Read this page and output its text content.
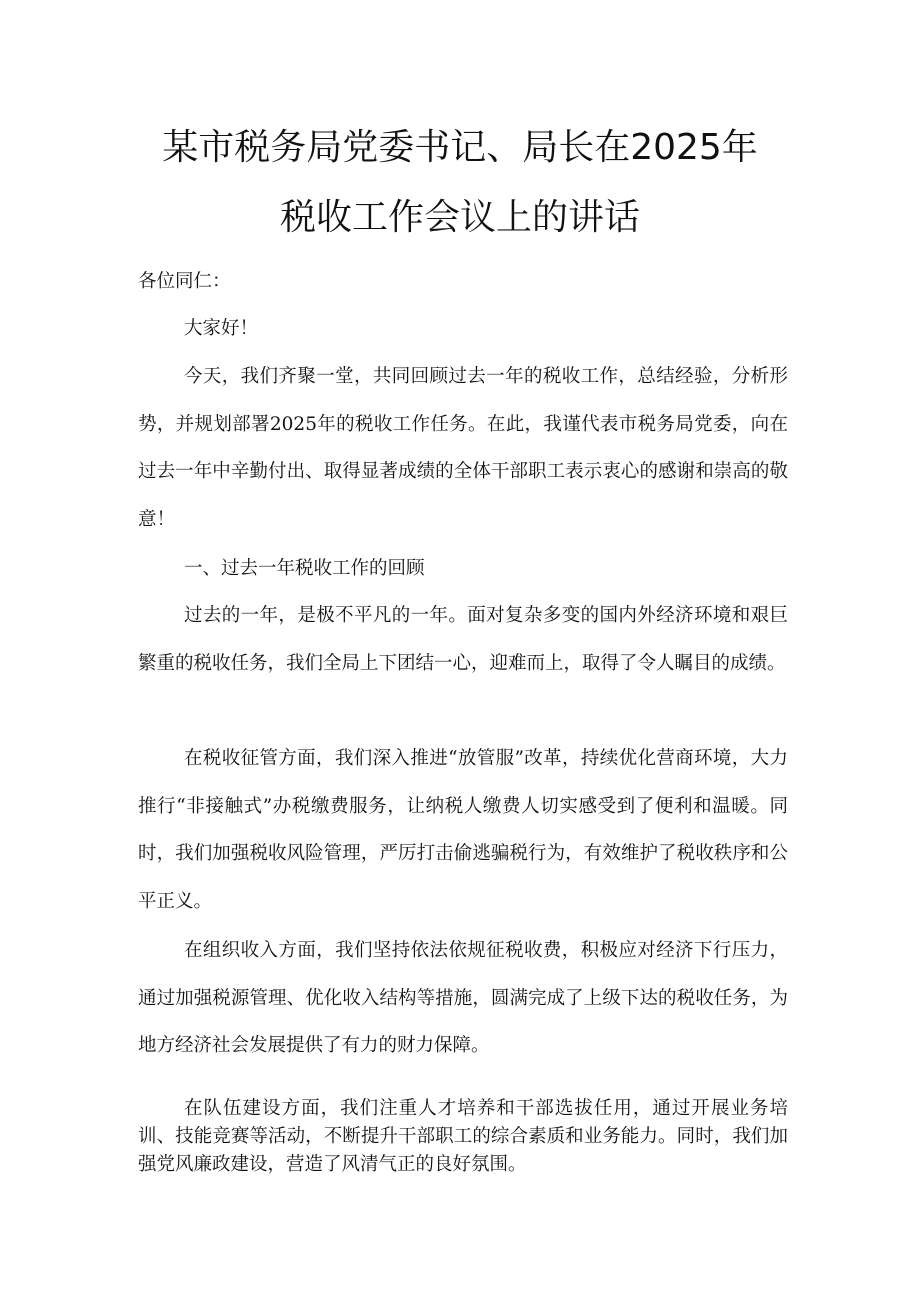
某市税务局党委书记、局长在2025年
税收工作会议上的讲话

各位同仁：

大家好！

今天，我们齐聚一堂，共同回顾过去一年的税收工作，总结经验，分析形势，并规划部署2025年的税收工作任务。在此，我谨代表市税务局党委，向在过去一年中辛勤付出、取得显著成绩的全体干部职工表示衷心的感谢和崇高的敬意！

一、过去一年税收工作的回顾

过去的一年，是极不平凡的一年。面对复杂多变的国内外经济环境和艰巨繁重的税收任务，我们全局上下团结一心，迎难而上，取得了令人瞩目的成绩。

在税收征管方面，我们深入推进“放管服”改革，持续优化营商环境，大力推行“非接触式”办税缴费服务，让纳税人缴费人切实感受到了便利和温暖。同时，我们加强税收风险管理，严厉打击偷逃骗税行为，有效维护了税收秩序和公平正义。

在组织收入方面，我们坚持依法依规征税收费，积极应对经济下行压力，通过加强税源管理、优化收入结构等措施，圆满完成了上级下达的税收任务，为地方经济社会发展提供了有力的财力保障。

在队伍建设方面，我们注重人才培养和干部选拔任用，通过开展业务培训、技能竞赛等活动，不断提升干部职工的综合素质和业务能力。同时，我们加强党风廉政建设，营造了风清气正的良好氛围。
